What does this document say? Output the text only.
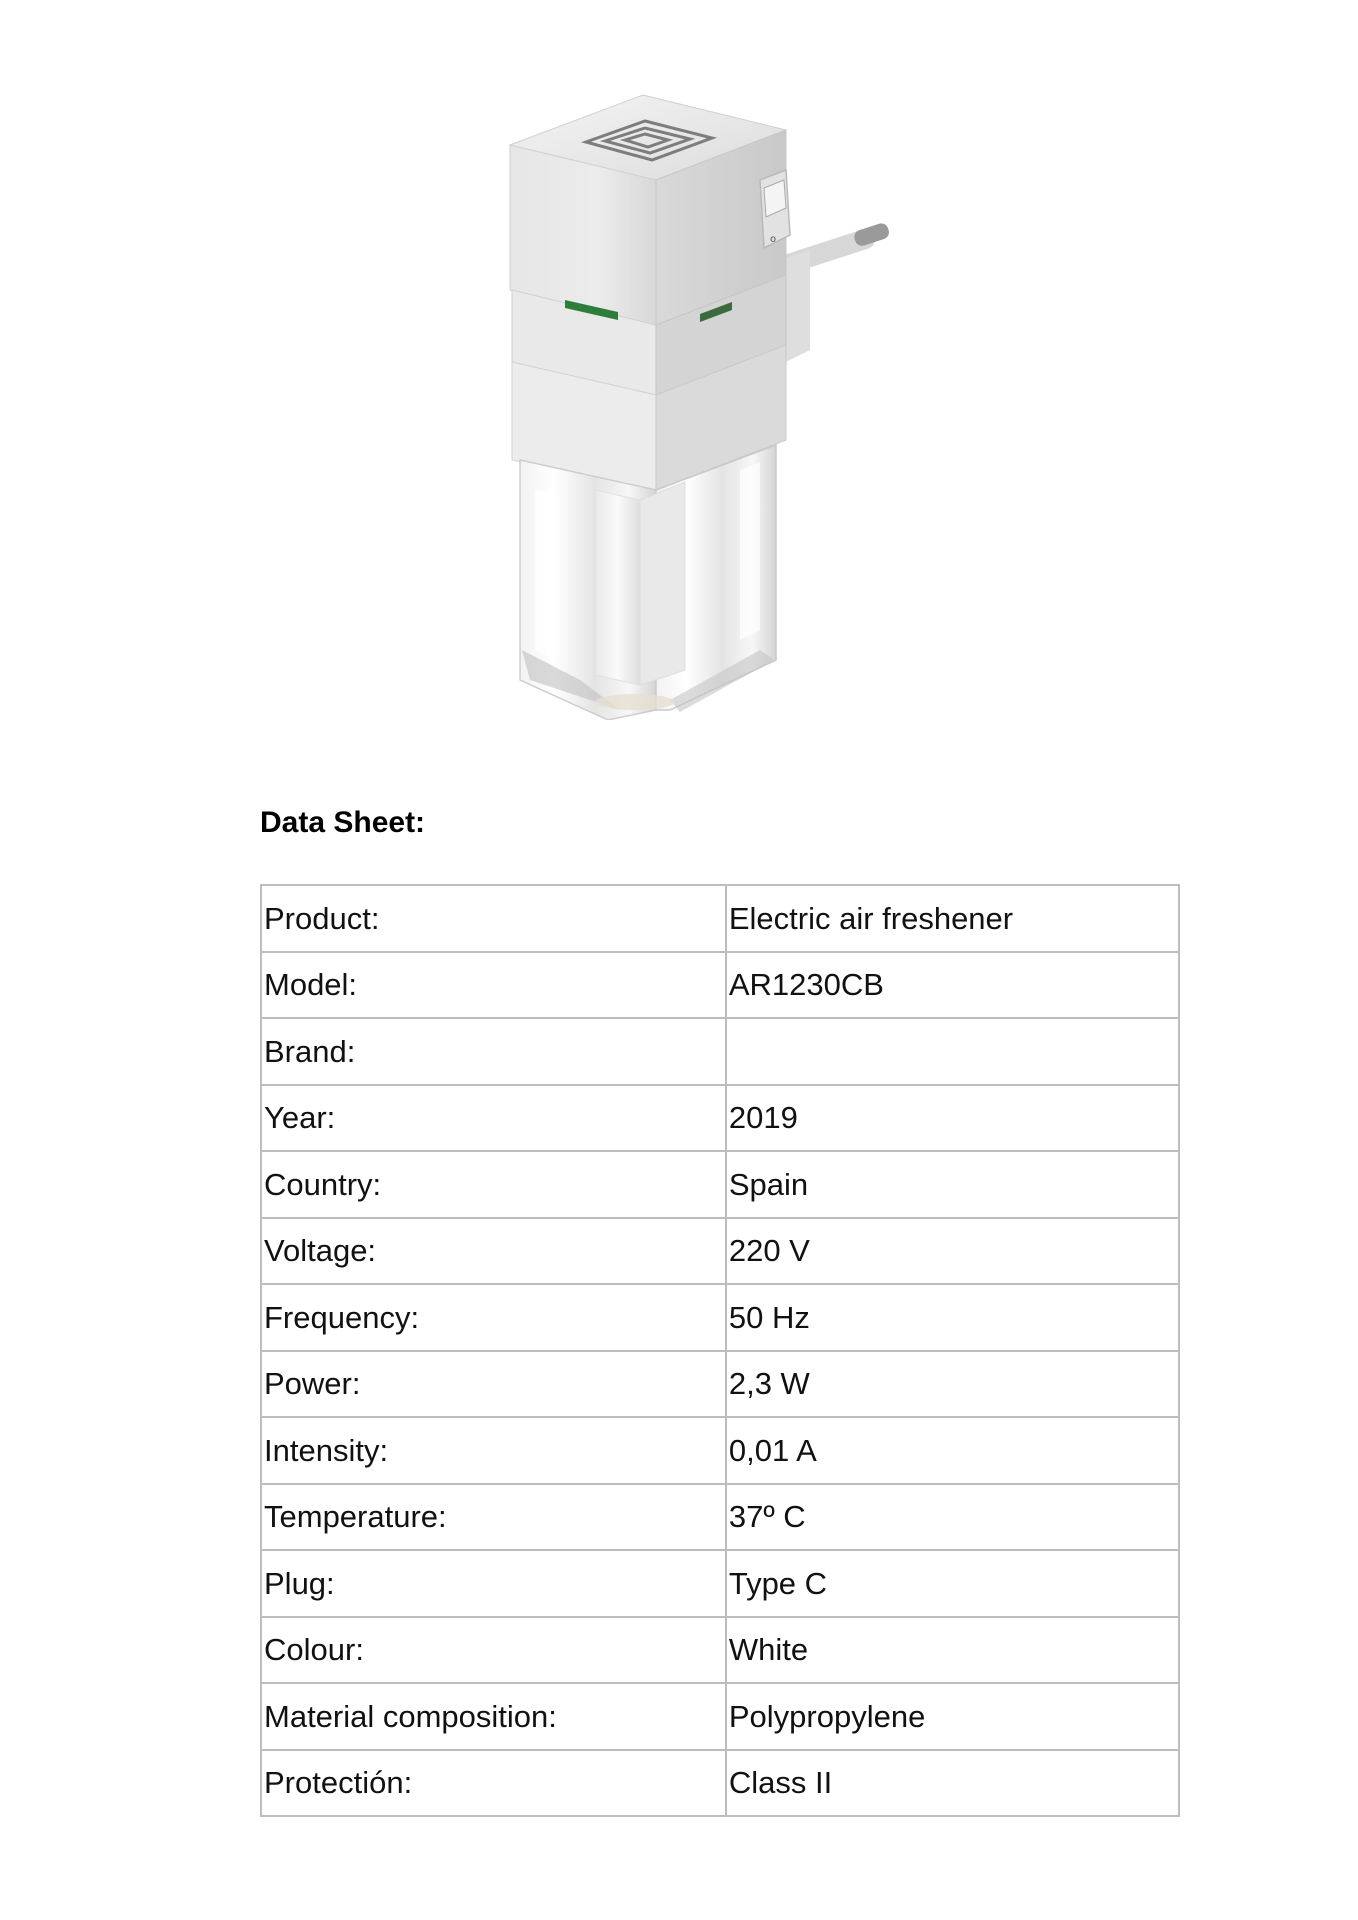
o
Data Sheet:
Product:	Electric air freshener
Model:	AR1230CB
Brand:	
Year:	2019
Country:	Spain
Voltage:	220 V
Frequency:	50 Hz
Power:	2,3 W
Intensity:	0,01 A
Temperature:	37º C
Plug:	Type C
Colour:	White
Material composition:	Polypropylene
Protectión:	Class II
